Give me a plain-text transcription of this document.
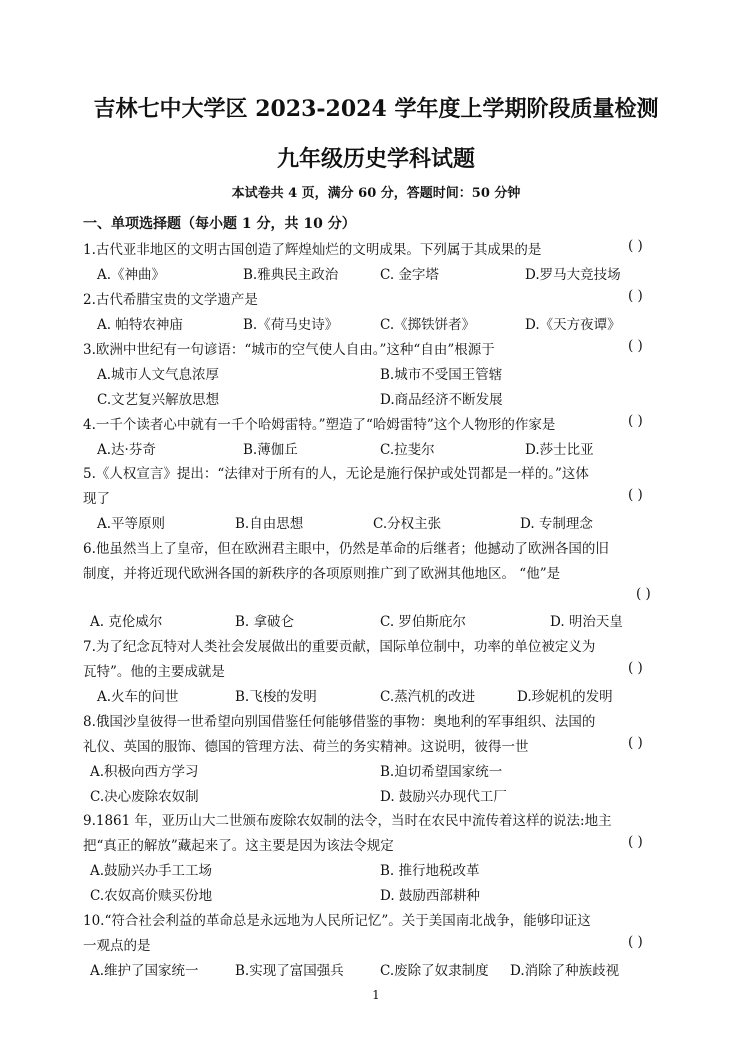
吉林七中大学区 2023-2024 学年度上学期阶段质量检测
九年级历史学科试题
本试卷共 4 页，满分 60 分，答题时间：50 分钟
一、单项选择题（每小题 1 分，共 10 分）
1.古代亚非地区的文明古国创造了辉煌灿烂的文明成果。下列属于其成果的是	( )
A.《神曲》	B.雅典民主政治	C. 金字塔	D.罗马大竞技场
2.古代希腊宝贵的文学遗产是	( )
A. 帕特农神庙	B.《荷马史诗》	C.《掷铁饼者》	D.《天方夜谭》
3.欧洲中世纪有一句谚语：“城市的空气使人自由。”这种“自由”根源于	( )
A.城市人文气息浓厚	B.城市不受国王管辖
C.文艺复兴解放思想	D.商品经济不断发展
4.一千个读者心中就有一千个哈姆雷特。”塑造了“哈姆雷特”这个人物形的作家是	( )
A.达·芬奇	B.薄伽丘	C.拉斐尔	D.莎士比亚
5.《人权宣言》提出：“法律对于所有的人，无论是施行保护或处罚都是一样的。”这体
现了	( )
A.平等原则	B.自由思想	C.分权主张	D. 专制理念
6.他虽然当上了皇帝，但在欧洲君主眼中，仍然是革命的后继者；他撼动了欧洲各国的旧
制度，并将近现代欧洲各国的新秩序的各项原则推广到了欧洲其他地区。 “他”是
( )
A. 克伦威尔	B. 拿破仑	C. 罗伯斯庇尔	D. 明治天皇
7.为了纪念瓦特对人类社会发展做出的重要贡献，国际单位制中，功率的单位被定义为
瓦特”。他的主要成就是	( )
A.火车的问世	B.飞梭的发明	C.蒸汽机的改进	D.珍妮机的发明
8.俄国沙皇彼得一世希望向别国借鉴任何能够借鉴的事物：奥地利的军事组织、法国的
礼仪、英国的服饰、德国的管理方法、荷兰的务实精神。这说明，彼得一世	( )
A.积极向西方学习	B.迫切希望国家统一
C.决心废除农奴制	D. 鼓励兴办现代工厂
9.1861 年，亚历山大二世颁布废除农奴制的法令，当时在农民中流传着这样的说法:地主
把“真正的解放”藏起来了。这主要是因为该法令规定	( )
A.鼓励兴办手工工场	B. 推行地税改革
C.农奴高价赎买份地	D. 鼓励西部耕种
10.“符合社会利益的革命总是永远地为人民所记忆”。关于美国南北战争，能够印证这
一观点的是	( )
A.维护了国家统一	B.实现了富国强兵	C.废除了奴隶制度 D.消除了种族歧视
1
